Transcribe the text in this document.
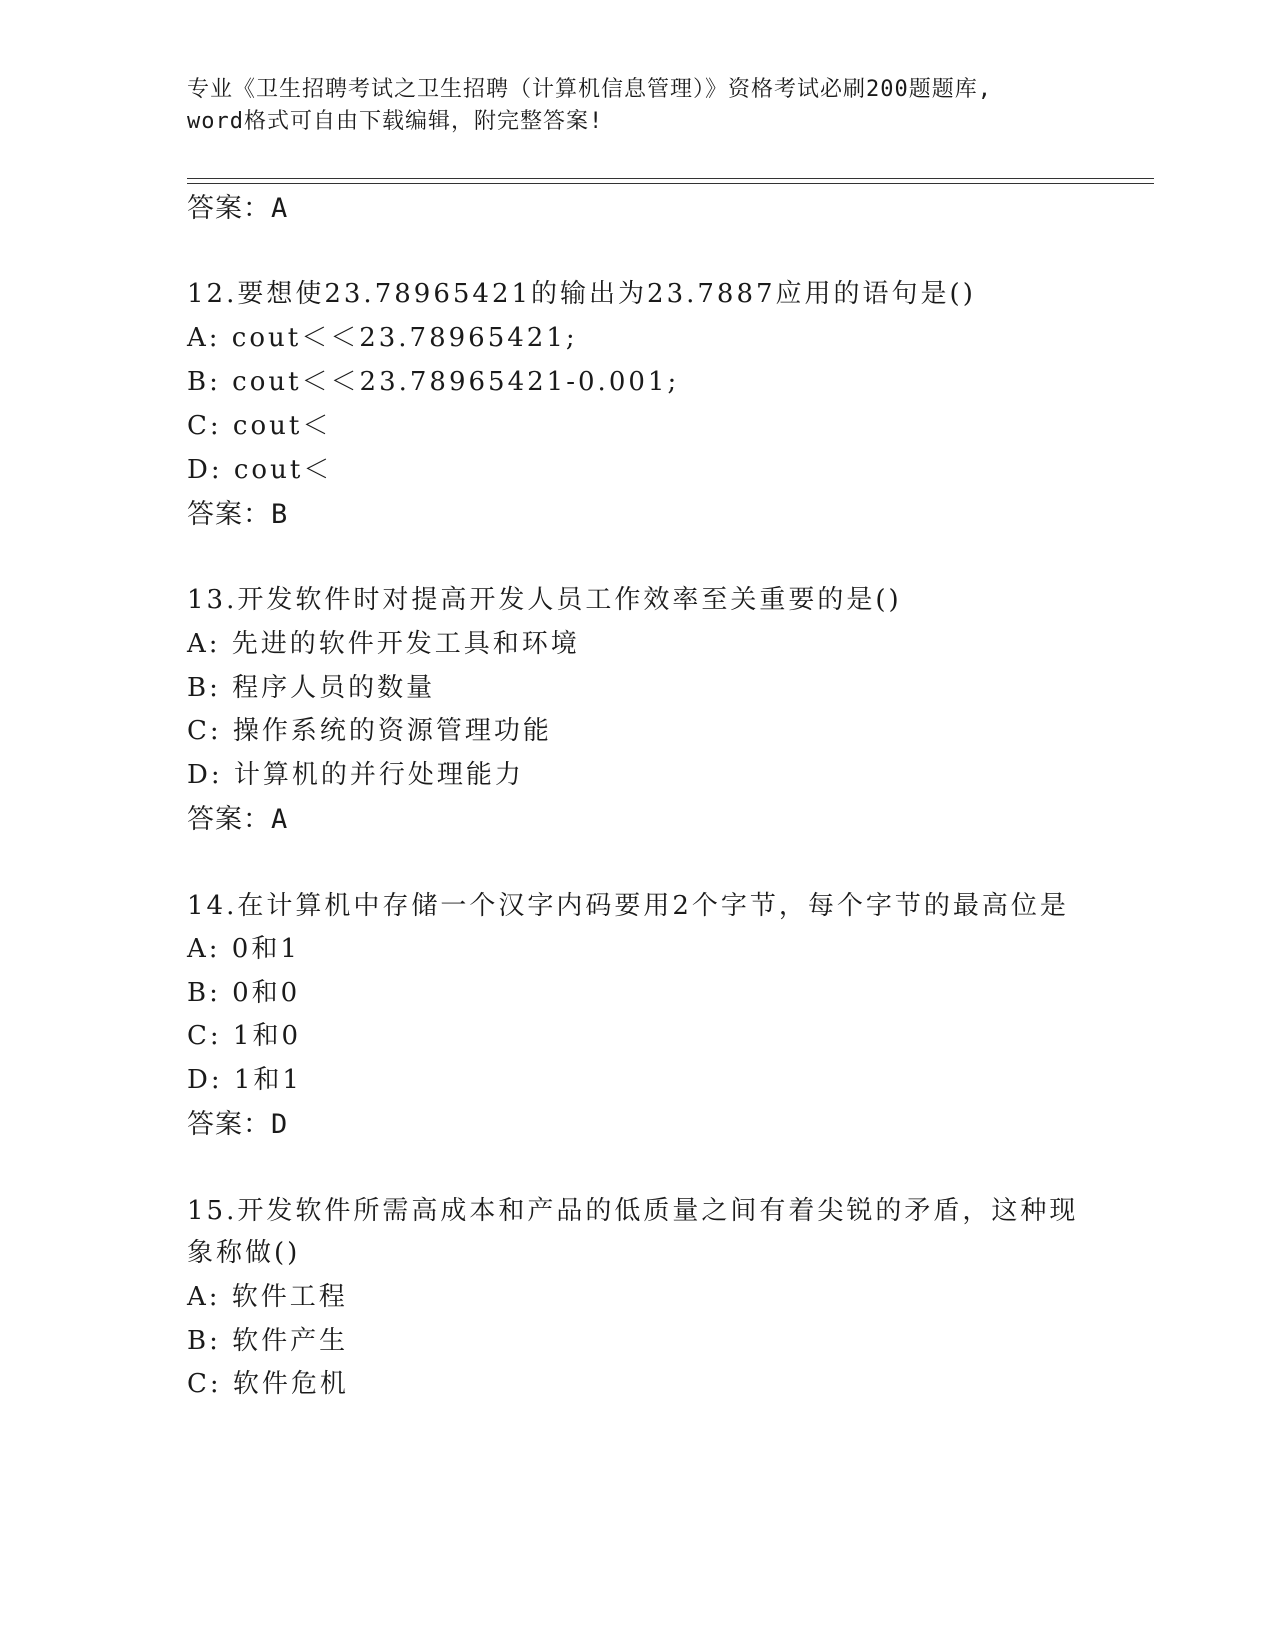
专业《卫生招聘考试之卫生招聘（计算机信息管理）》资格考试必刷200题题库,
word格式可自由下载编辑，附完整答案!
答案：A
12.要想使23.78965421的输出为23.7887应用的语句是()
A: cout＜＜23.78965421;
B: cout＜＜23.78965421-0.001;
C: cout＜
D: cout＜
答案：B
13.开发软件时对提高开发人员工作效率至关重要的是()
A: 先进的软件开发工具和环境
B: 程序人员的数量
C: 操作系统的资源管理功能
D: 计算机的并行处理能力
答案：A
14.在计算机中存储一个汉字内码要用2个字节，每个字节的最高位是
A: 0和1
B: 0和0
C: 1和0
D: 1和1
答案：D
15.开发软件所需高成本和产品的低质量之间有着尖锐的矛盾，这种现
象称做()
A: 软件工程
B: 软件产生
C: 软件危机
